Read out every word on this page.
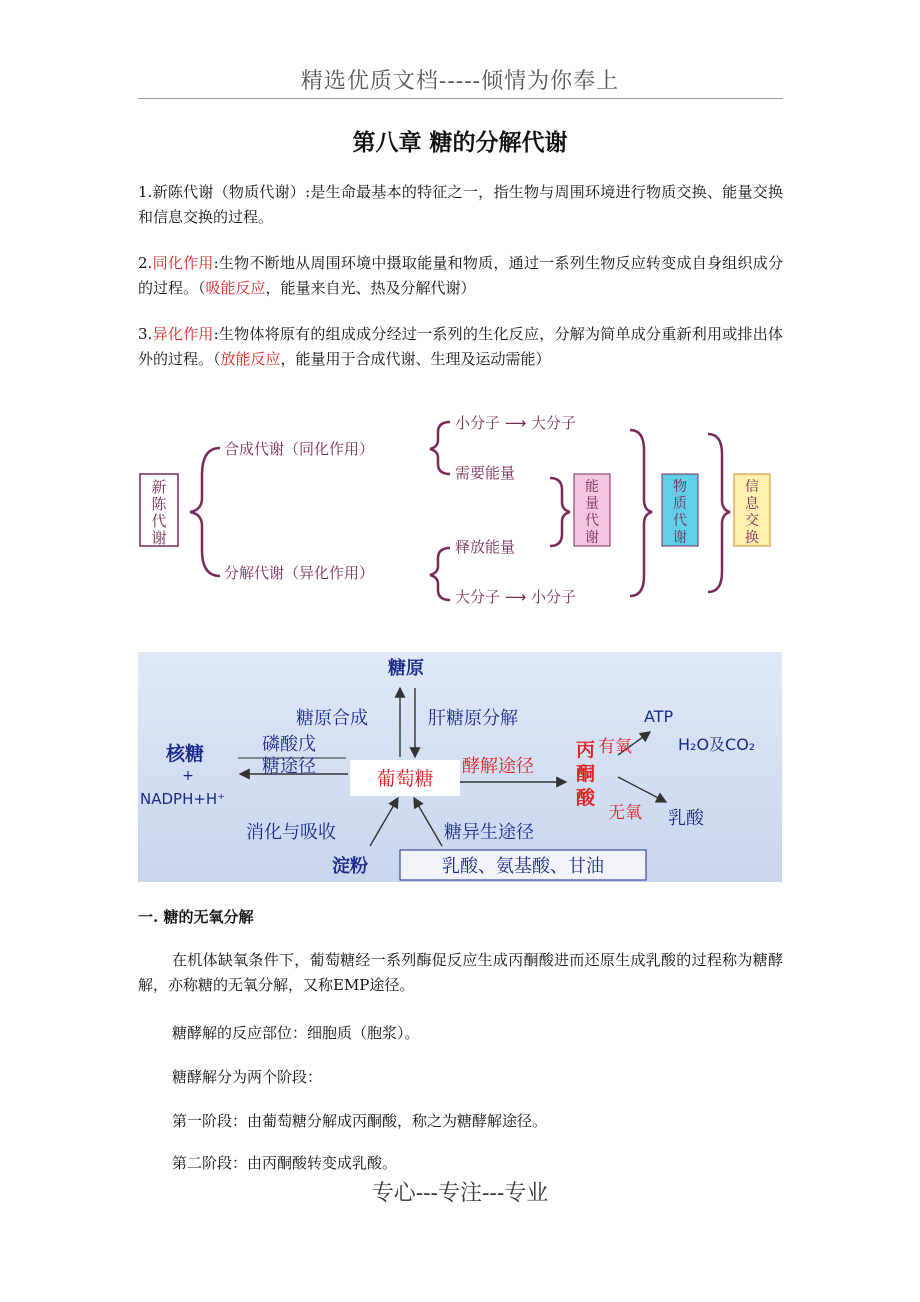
精选优质文档-----倾情为你奉上
第八章 糖的分解代谢
1.新陈代谢（物质代谢）:是生命最基本的特征之一，指生物与周围环境进行物质交换、能量交换和信息交换的过程。
2.同化作用:生物不断地从周围环境中摄取能量和物质，通过一系列生物反应转变成自身组织成分的过程。（吸能反应，能量来自光、热及分解代谢）
3.异化作用:生物体将原有的组成成分经过一系列的生化反应，分解为简单成分重新利用或排出体外的过程。（放能反应，能量用于合成代谢、生理及运动需能）
新
陈
代
谢
合成代谢（同化作用）
分解代谢（异化作用）
小分子 ⟶ 大分子
需要能量
释放能量
大分子 ⟶ 小分子
能
量
代
谢
物
质
代
谢
信
息
交
换
糖原
糖原合成	肝糖原分解
磷酸戊
糖途径
核糖
+
NADPH+H⁺
ATP
H₂O及CO₂
乳酸
消化与吸收	糖异生途径
淀粉	乳酸、氨基酸、甘油
葡萄糖
酵解途径
丙
酮
酸
有氧
无氧
一. 糖的无氧分解
在机体缺氧条件下，葡萄糖经一系列酶促反应生成丙酮酸进而还原生成乳酸的过程称为糖酵解，亦称糖的无氧分解，又称EMP途径。
糖酵解的反应部位：细胞质（胞浆）。
糖酵解分为两个阶段：
第一阶段：由葡萄糖分解成丙酮酸，称之为糖酵解途径。
第二阶段：由丙酮酸转变成乳酸。
专心---专注---专业
